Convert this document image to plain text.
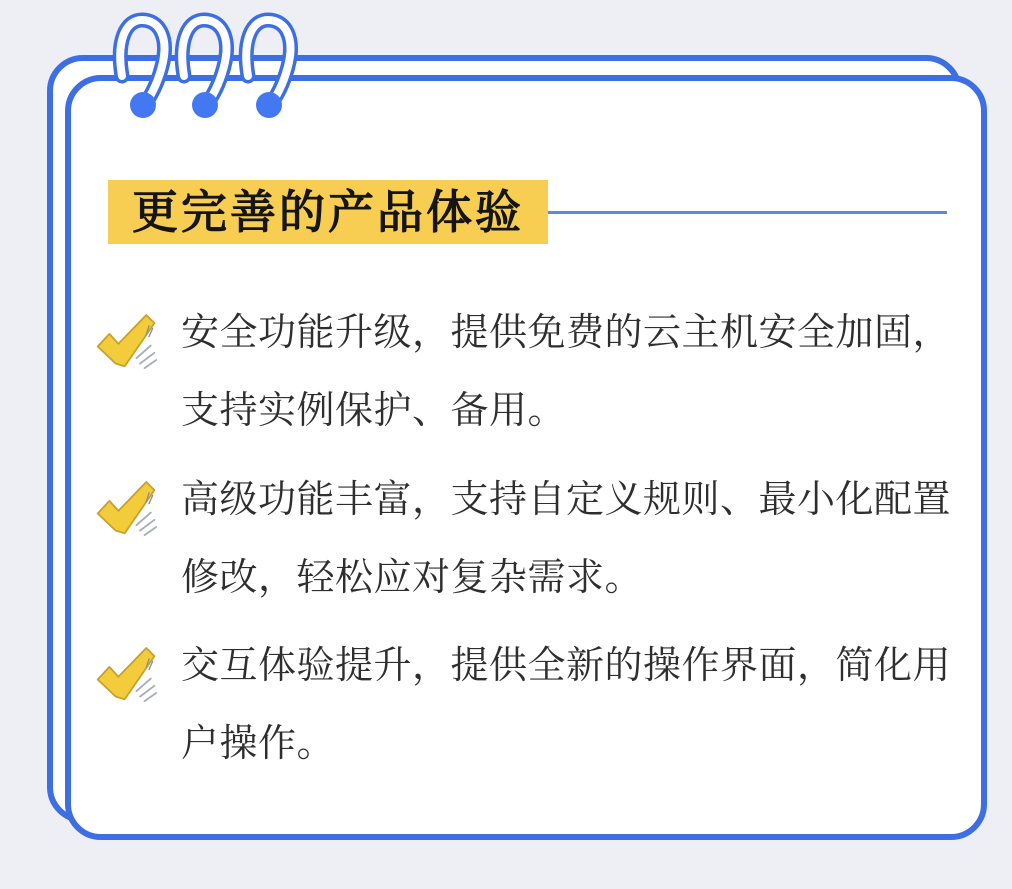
更完善的产品体验
安全功能升级，提供免费的云主机安全加固，
支持实例保护、备用。
高级功能丰富，支持自定义规则、最小化配置
修改，轻松应对复杂需求。
交互体验提升，提供全新的操作界面，简化用
户操作。
